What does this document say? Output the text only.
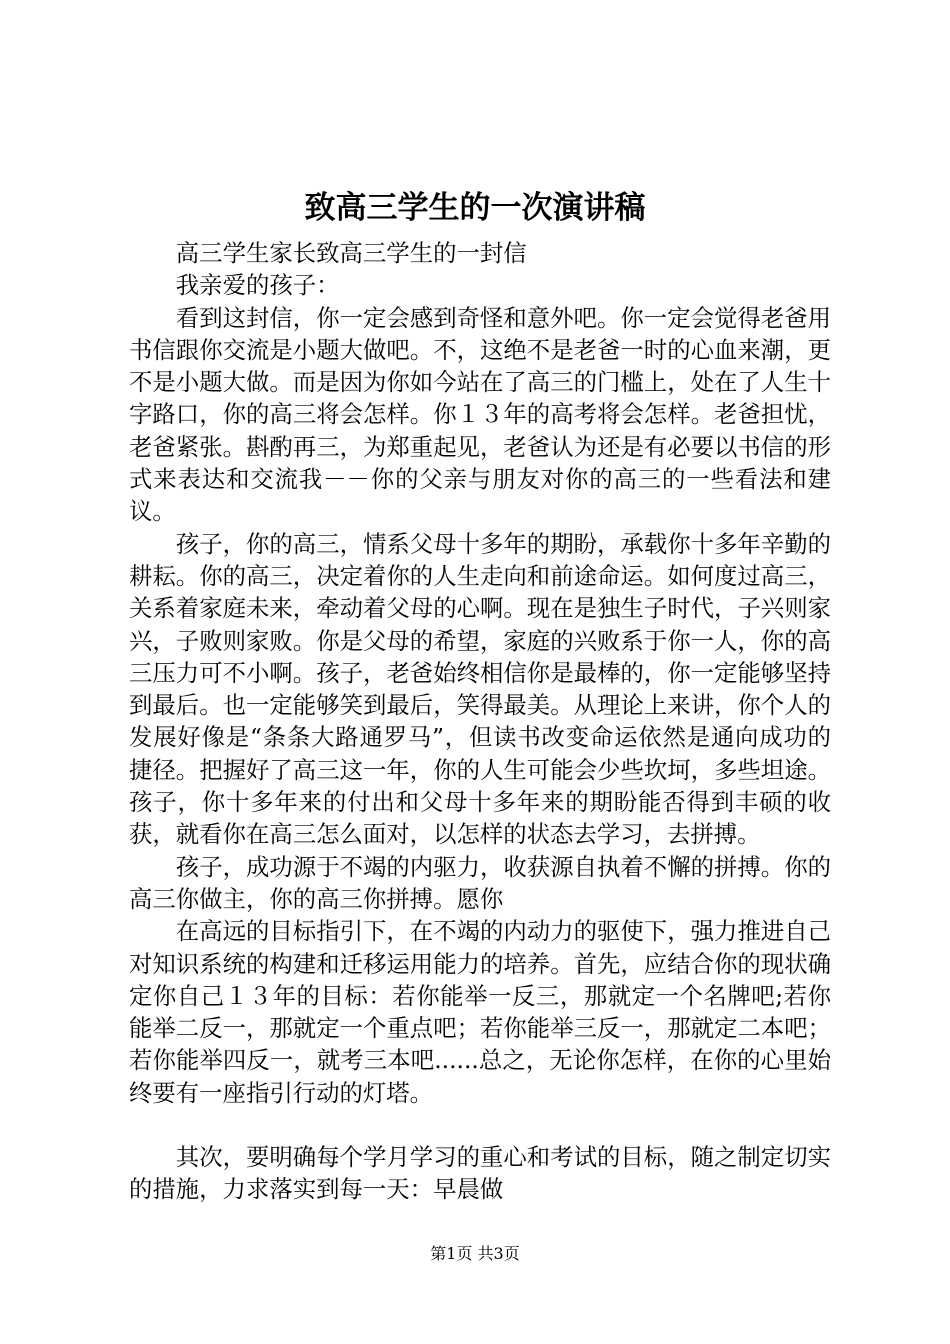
致高三学生的一次演讲稿

高三学生家长致高三学生的一封信

我亲爱的孩子：

看到这封信，你一定会感到奇怪和意外吧。你一定会觉得老爸用书信跟你交流是小题大做吧。不，这绝不是老爸一时的心血来潮，更不是小题大做。而是因为你如今站在了高三的门槛上，处在了人生十字路口，你的高三将会怎样。你１３年的高考将会怎样。老爸担忧，老爸紧张。斟酌再三，为郑重起见，老爸认为还是有必要以书信的形式来表达和交流我－－你的父亲与朋友对你的高三的一些看法和建议。

孩子，你的高三，情系父母十多年的期盼，承载你十多年辛勤的耕耘。你的高三，决定着你的人生走向和前途命运。如何度过高三，关系着家庭未来，牵动着父母的心啊。现在是独生子时代，子兴则家兴，子败则家败。你是父母的希望，家庭的兴败系于你一人，你的高三压力可不小啊。孩子，老爸始终相信你是最棒的，你一定能够坚持到最后。也一定能够笑到最后，笑得最美。从理论上来讲，你个人的发展好像是“条条大路通罗马”，但读书改变命运依然是通向成功的捷径。把握好了高三这一年，你的人生可能会少些坎坷，多些坦途。孩子，你十多年来的付出和父母十多年来的期盼能否得到丰硕的收获，就看你在高三怎么面对，以怎样的状态去学习，去拼搏。

孩子，成功源于不竭的内驱力，收获源自执着不懈的拼搏。你的高三你做主，你的高三你拼搏。愿你

在高远的目标指引下，在不竭的内动力的驱使下，强力推进自己对知识系统的构建和迁移运用能力的培养。首先，应结合你的现状确定你自己１３年的目标：若你能举一反三，那就定一个名牌吧;若你能举二反一，那就定一个重点吧；若你能举三反一，那就定二本吧；若你能举四反一，就考三本吧......总之，无论你怎样，在你的心里始终要有一座指引行动的灯塔。

其次，要明确每个学月学习的重心和考试的目标，随之制定切实的措施，力求落实到每一天：早晨做

第1页 共3页
